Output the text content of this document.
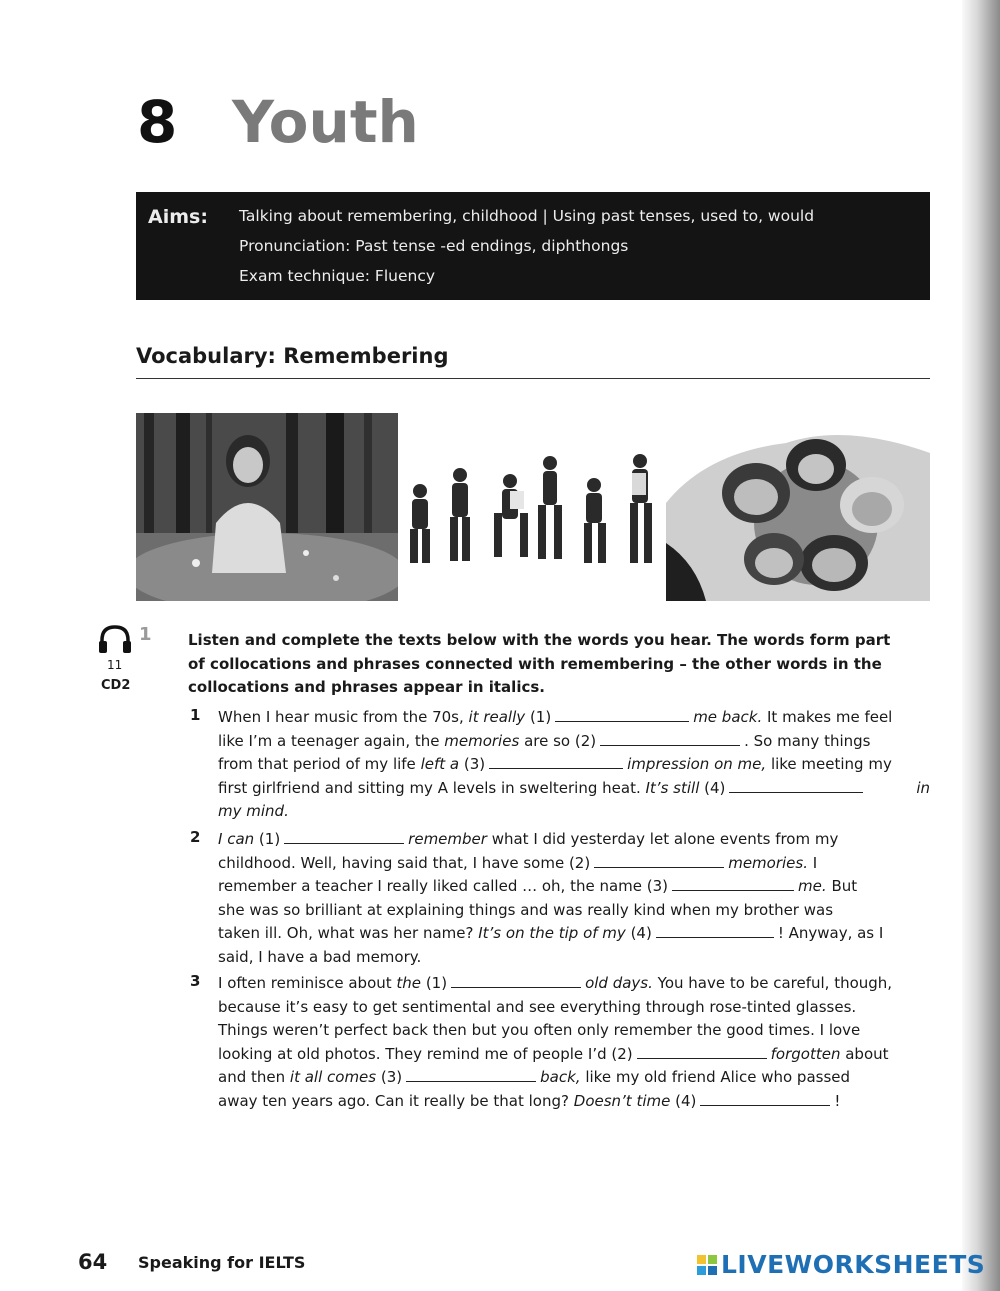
8 Youth
Aims: Talking about remembering, childhood | Using past tenses, used to, would
Pronunciation: Past tense -ed endings, diphthongs
Exam technique: Fluency
Vocabulary: Remembering
1
11
CD2
Listen and complete the texts below with the words you hear. The words form part
of collocations and phrases connected with remembering – the other words in the
collocations and phrases appear in italics.
1 When I hear music from the 70s, it really (1)	me back. It makes me feel
like I’m a teenager again, the memories are so (2)	. So many things
from that period of my life left a (3)	impression on me, like meeting my
first girlfriend and sitting my A levels in sweltering heat. It’s still (4)	in
my mind.
2 I can (1)	remember what I did yesterday let alone events from my
childhood. Well, having said that, I have some (2)	memories. I
remember a teacher I really liked called … oh, the name (3)	me. But
she was so brilliant at explaining things and was really kind when my brother was
taken ill. Oh, what was her name? It’s on the tip of my (4)	! Anyway, as I
said, I have a bad memory.
3 I often reminisce about the (1)	old days. You have to be careful, though,
because it’s easy to get sentimental and see everything through rose-tinted glasses.
Things weren’t perfect back then but you often only remember the good times. I love
looking at old photos. They remind me of people I’d (2)	forgotten about
and then it all comes (3)	back, like my old friend Alice who passed
away ten years ago. Can it really be that long? Doesn’t time (4)	!
64 Speaking for IELTS	LIVEWORKSHEETS
